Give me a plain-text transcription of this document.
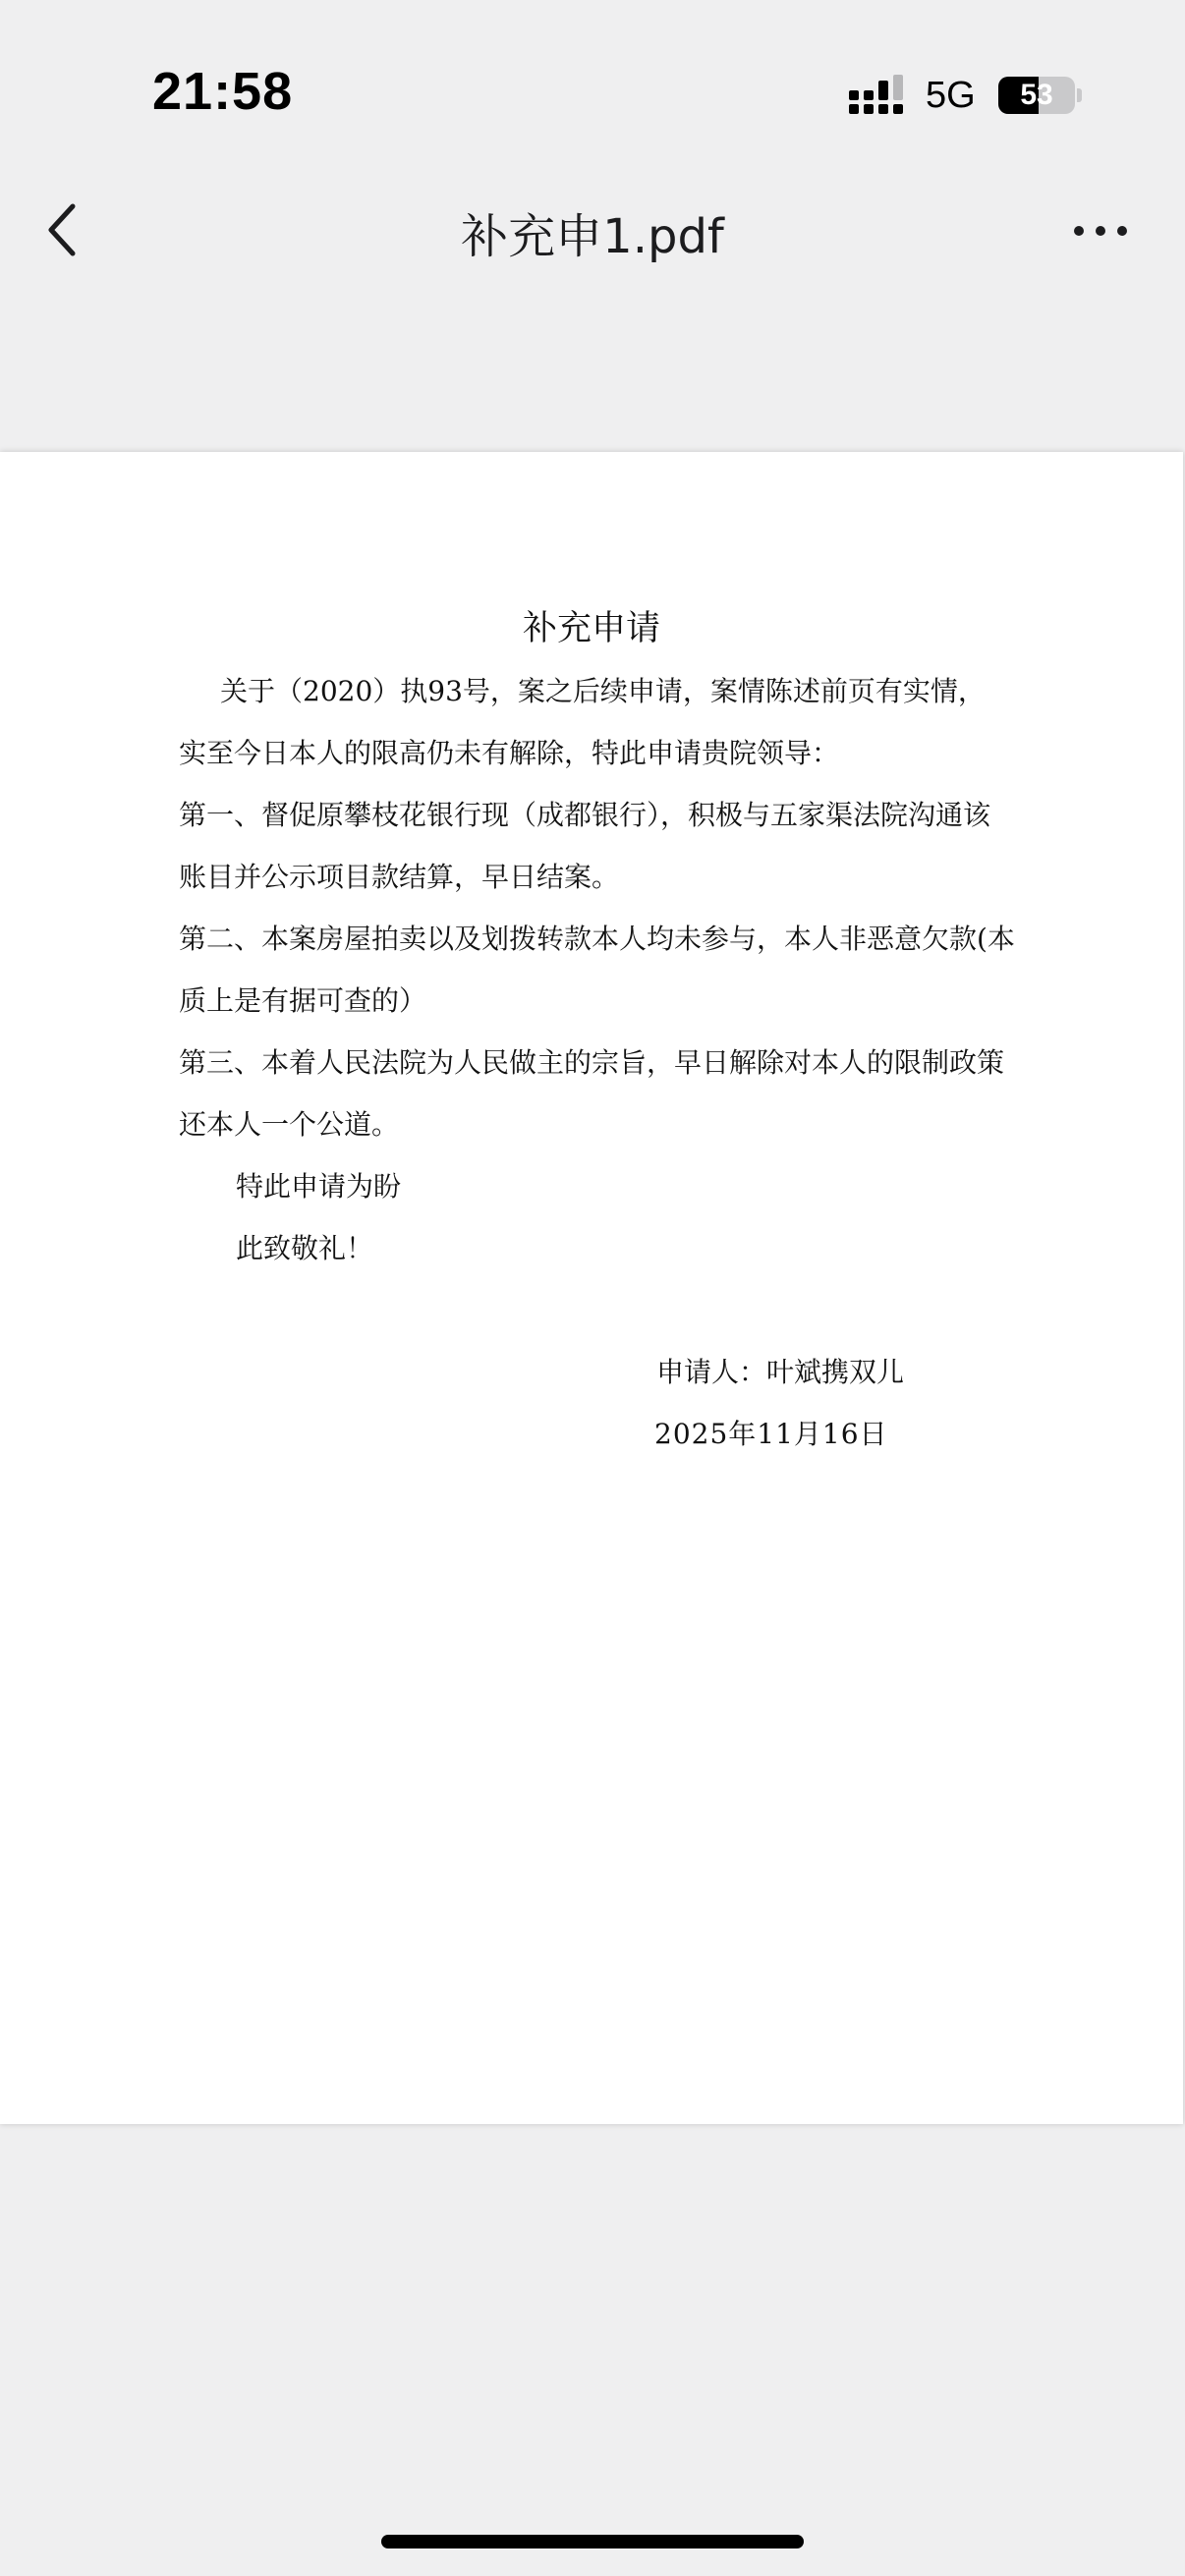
21:58	5G	53
补充申1.pdf
补充申请
关于（2020）执93号，案之后续申请，案情陈述前页有实情，
实至今日本人的限高仍未有解除，特此申请贵院领导：
第一、督促原攀枝花银行现（成都银行），积极与五家渠法院沟通该
账目并公示项目款结算，早日结案。
第二、本案房屋拍卖以及划拨转款本人均未参与，本人非恶意欠款(本
质上是有据可查的）
第三、本着人民法院为人民做主的宗旨，早日解除对本人的限制政策
还本人一个公道。
特此申请为盼
此致敬礼！
申请人：叶斌携双儿
2025年11月16日
